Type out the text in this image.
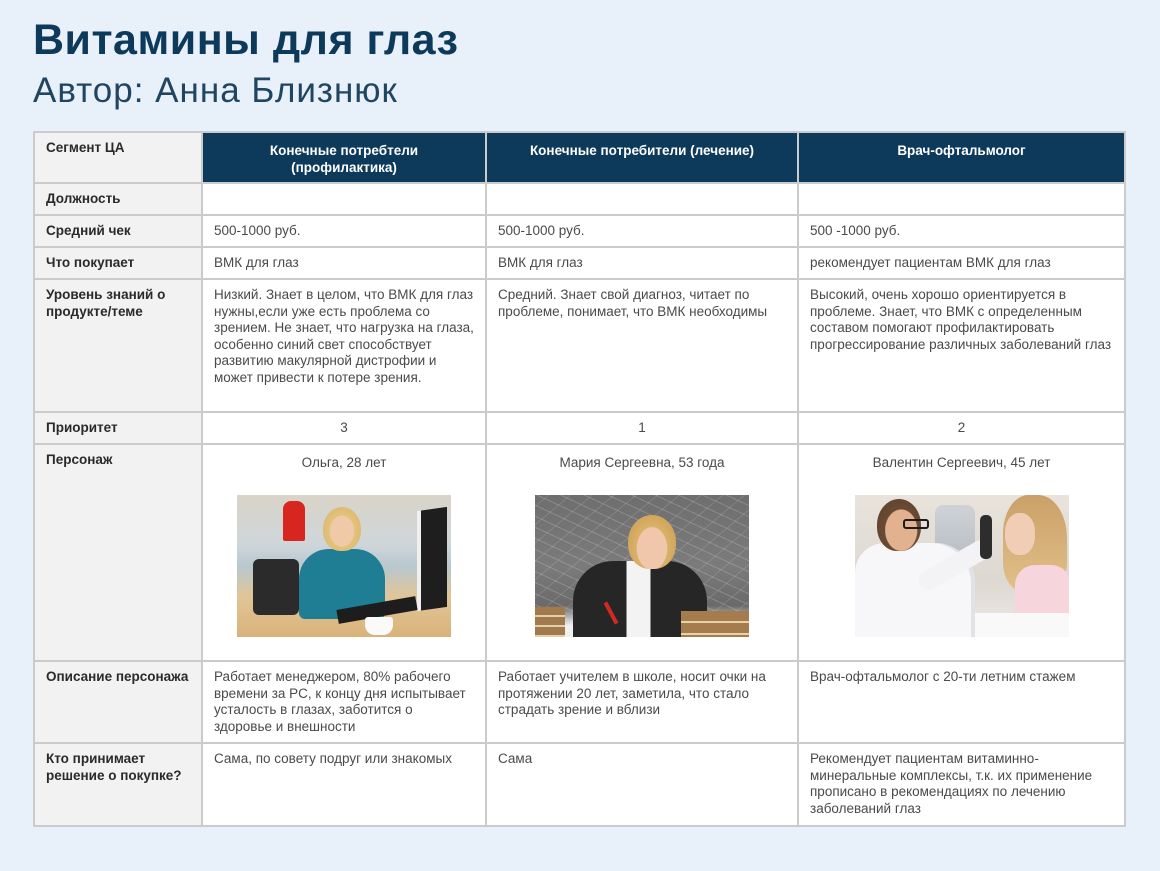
Витамины для глаз
Автор: Анна Близнюк
Сегмент ЦА	Конечные потребтели (профилактика)	Конечные потребители (лечение)	Врач-офтальмолог
Должность			
Средний чек	500-1000 руб.	500-1000 руб.	500 -1000 руб.
Что покупает	ВМК для глаз	ВМК для глаз	рекомендует пациентам ВМК для глаз
Уровень знаний о продукте/теме	Низкий. Знает в целом, что ВМК для глаз нужны,если уже есть проблема со зрением. Не знает, что нагрузка на глаза, особенно синий свет способствует развитию макулярной дистрофии и может привести к потере зрения.	Средний. Знает свой диагноз, читает по проблеме, понимает, что ВМК необходимы	Высокий, очень хорошо ориентируется в проблеме. Знает, что ВМК с определенным составом помогают профилактировать прогрессирование различных заболеваний глаз
Приоритет	3	1	2
Персонаж	Ольга, 28 лет	Мария Сергеевна, 53 года	Валентин Сергеевич, 45 лет

Описание персонажа	Работает менеджером, 80% рабочего времени за PC, к концу дня испытывает усталость в глазах, заботится о здоровье и внешности	Работает учителем в школе, носит очки на протяжении 20 лет, заметила, что стало страдать зрение и вблизи	Врач-офтальмолог с 20-ти летним стажем
Кто принимает решение о покупке?	Сама, по совету подруг или знакомых	Сама	Рекомендует пациентам витаминно-минеральные комплексы, т.к. их применение прописано в рекомендациях по лечению заболеваний глаз
